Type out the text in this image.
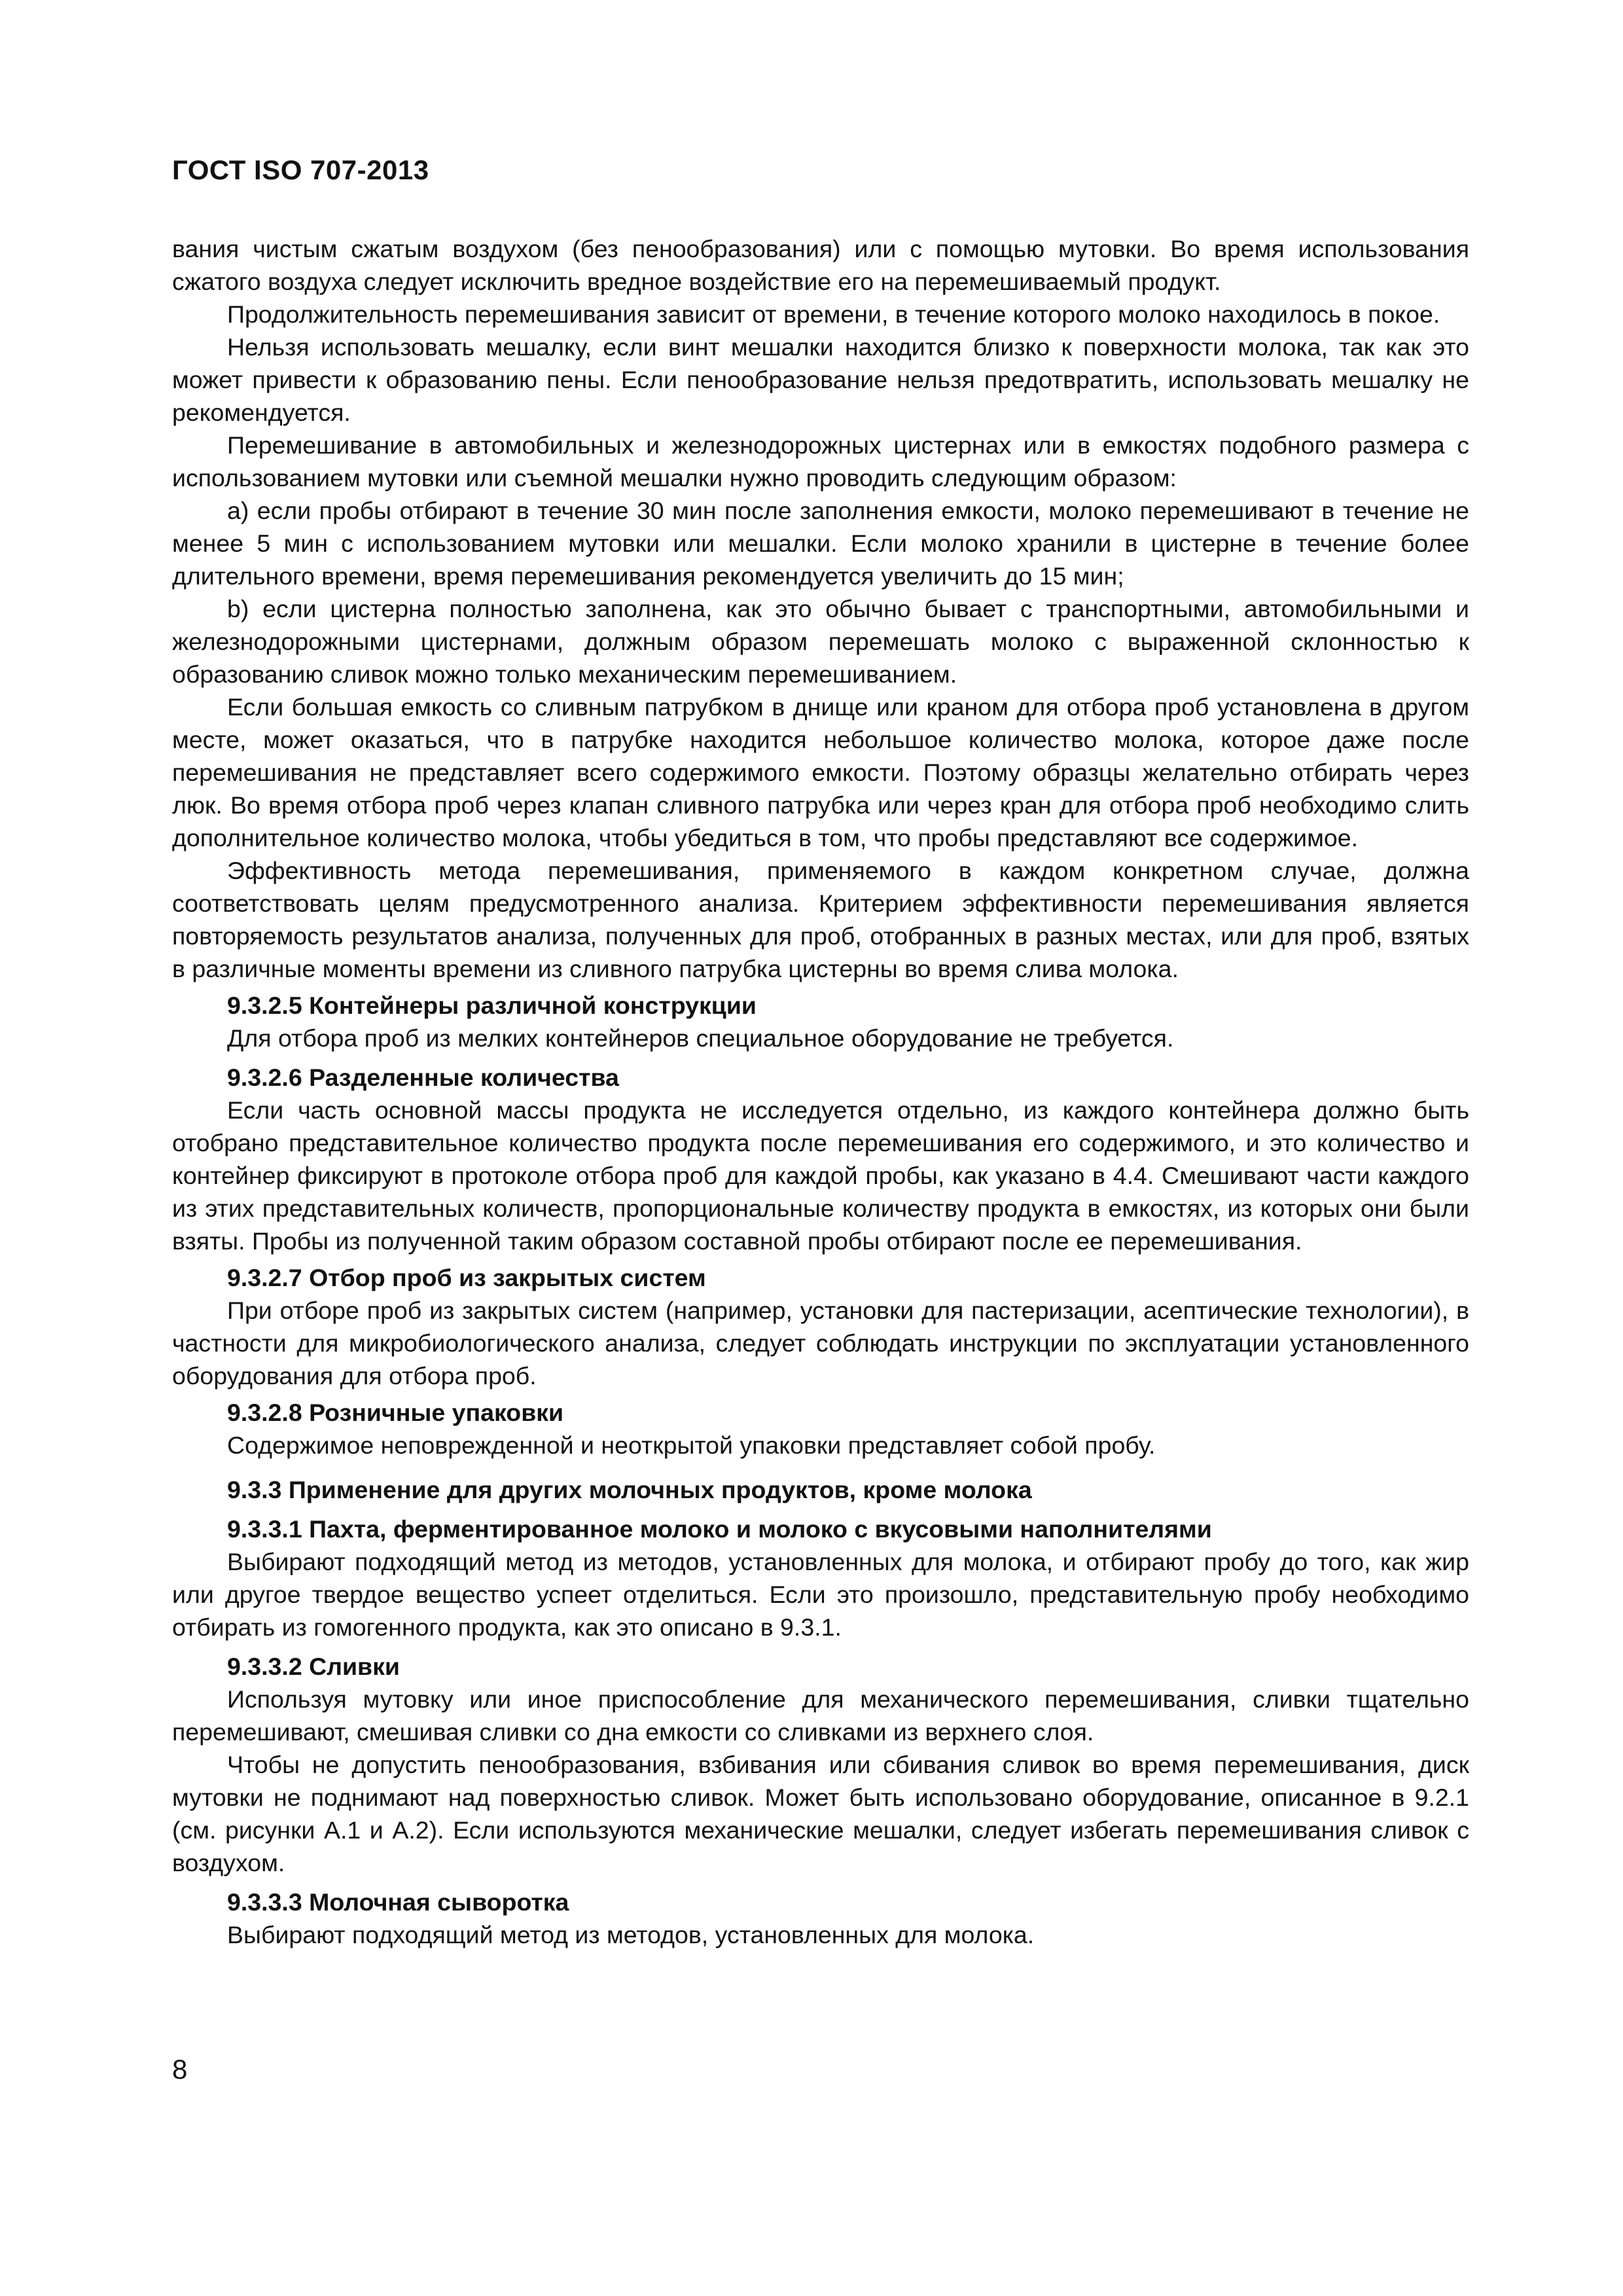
ГОСТ ISO 707-2013

вания чистым сжатым воздухом (без пенообразования) или с помощью мутовки. Во время использования сжатого воздуха следует исключить вредное воздействие его на перемешиваемый продукт.

Продолжительность перемешивания зависит от времени, в течение которого молоко находилось в покое.

Нельзя использовать мешалку, если винт мешалки находится близко к поверхности молока, так как это может привести к образованию пены. Если пенообразование нельзя предотвратить, использовать мешалку не рекомендуется.

Перемешивание в автомобильных и железнодорожных цистернах или в емкостях подобного размера с использованием мутовки или съемной мешалки нужно проводить следующим образом:

a) если пробы отбирают в течение 30 мин после заполнения емкости, молоко перемешивают в течение не менее 5 мин с использованием мутовки или мешалки. Если молоко хранили в цистерне в течение более длительного времени, время перемешивания рекомендуется увеличить до 15 мин;

b) если цистерна полностью заполнена, как это обычно бывает с транспортными, автомобильными и железнодорожными цистернами, должным образом перемешать молоко с выраженной склонностью к образованию сливок можно только механическим перемешиванием.

Если большая емкость со сливным патрубком в днище или краном для отбора проб установлена в другом месте, может оказаться, что в патрубке находится небольшое количество молока, которое даже после перемешивания не представляет всего содержимого емкости. Поэтому образцы желательно отбирать через люк. Во время отбора проб через клапан сливного патрубка или через кран для отбора проб необходимо слить дополнительное количество молока, чтобы убедиться в том, что пробы представляют все содержимое.

Эффективность метода перемешивания, применяемого в каждом конкретном случае, должна соответствовать целям предусмотренного анализа. Критерием эффективности перемешивания является повторяемость результатов анализа, полученных для проб, отобранных в разных местах, или для проб, взятых в различные моменты времени из сливного патрубка цистерны во время слива молока.

9.3.2.5 Контейнеры различной конструкции

Для отбора проб из мелких контейнеров специальное оборудование не требуется.

9.3.2.6 Разделенные количества

Если часть основной массы продукта не исследуется отдельно, из каждого контейнера должно быть отобрано представительное количество продукта после перемешивания его содержимого, и это количество и контейнер фиксируют в протоколе отбора проб для каждой пробы, как указано в 4.4. Смешивают части каждого из этих представительных количеств, пропорциональные количеству продукта в емкостях, из которых они были взяты. Пробы из полученной таким образом составной пробы отбирают после ее перемешивания.

9.3.2.7 Отбор проб из закрытых систем

При отборе проб из закрытых систем (например, установки для пастеризации, асептические технологии), в частности для микробиологического анализа, следует соблюдать инструкции по эксплуатации установленного оборудования для отбора проб.

9.3.2.8 Розничные упаковки

Содержимое неповрежденной и неоткрытой упаковки представляет собой пробу.

9.3.3 Применение для других молочных продуктов, кроме молока
9.3.3.1 Пахта, ферментированное молоко и молоко с вкусовыми наполнителями

Выбирают подходящий метод из методов, установленных для молока, и отбирают пробу до того, как жир или другое твердое вещество успеет отделиться. Если это произошло, представительную пробу необходимо отбирать из гомогенного продукта, как это описано в 9.3.1.

9.3.3.2 Сливки

Используя мутовку или иное приспособление для механического перемешивания, сливки тщательно перемешивают, смешивая сливки со дна емкости со сливками из верхнего слоя.

Чтобы не допустить пенообразования, взбивания или сбивания сливок во время перемешивания, диск мутовки не поднимают над поверхностью сливок. Может быть использовано оборудование, описанное в 9.2.1 (см. рисунки А.1 и А.2). Если используются механические мешалки, следует избегать перемешивания сливок с воздухом.

9.3.3.3 Молочная сыворотка

Выбирают подходящий метод из методов, установленных для молока.

8
